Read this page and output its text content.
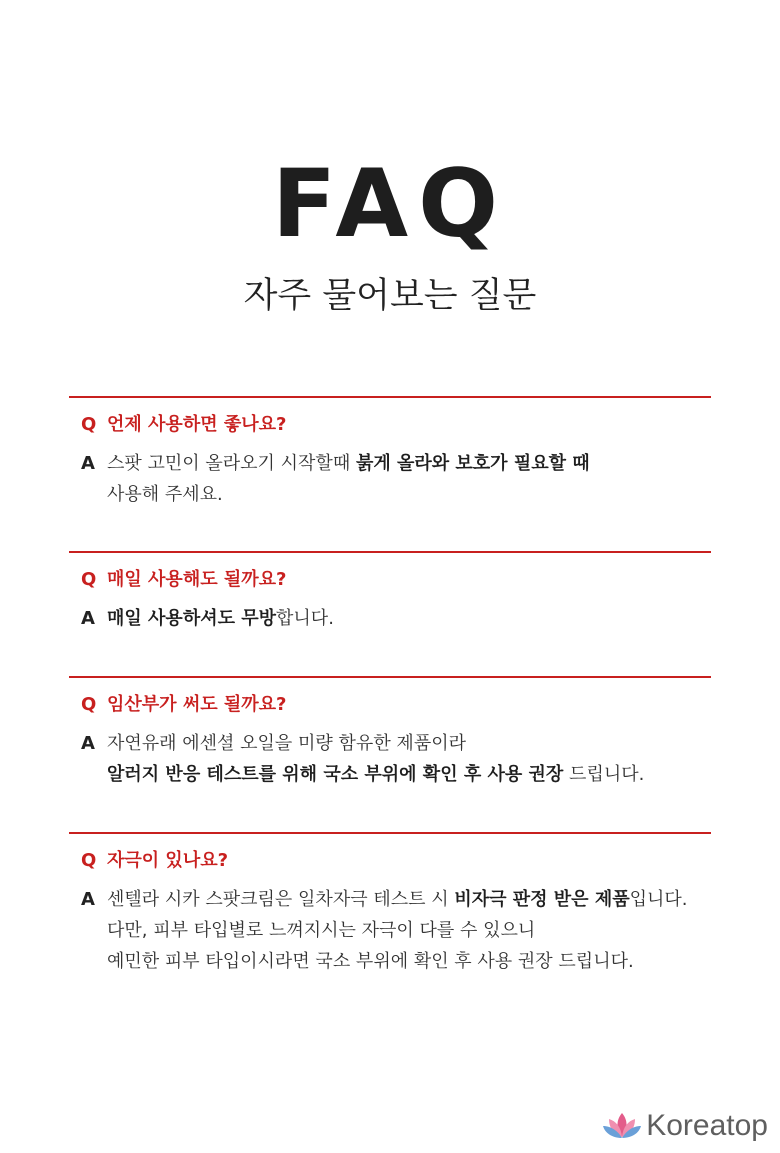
FAQ
자주 물어보는 질문
Q 언제 사용하면 좋나요?
A 스팟 고민이 올라오기 시작할때 붉게 올라와 보호가 필요할 때
사용해 주세요.
Q 매일 사용해도 될까요?
A 매일 사용하셔도 무방합니다.
Q 임산부가 써도 될까요?
A 자연유래 에센셜 오일을 미량 함유한 제품이라
알러지 반응 테스트를 위해 국소 부위에 확인 후 사용 권장 드립니다.
Q 자극이 있나요?
A 센텔라 시카 스팟크림은 일차자극 테스트 시 비자극 판정 받은 제품입니다.
다만, 피부 타입별로 느껴지시는 자극이 다를 수 있으니
예민한 피부 타입이시라면 국소 부위에 확인 후 사용 권장 드립니다.
Koreatop
